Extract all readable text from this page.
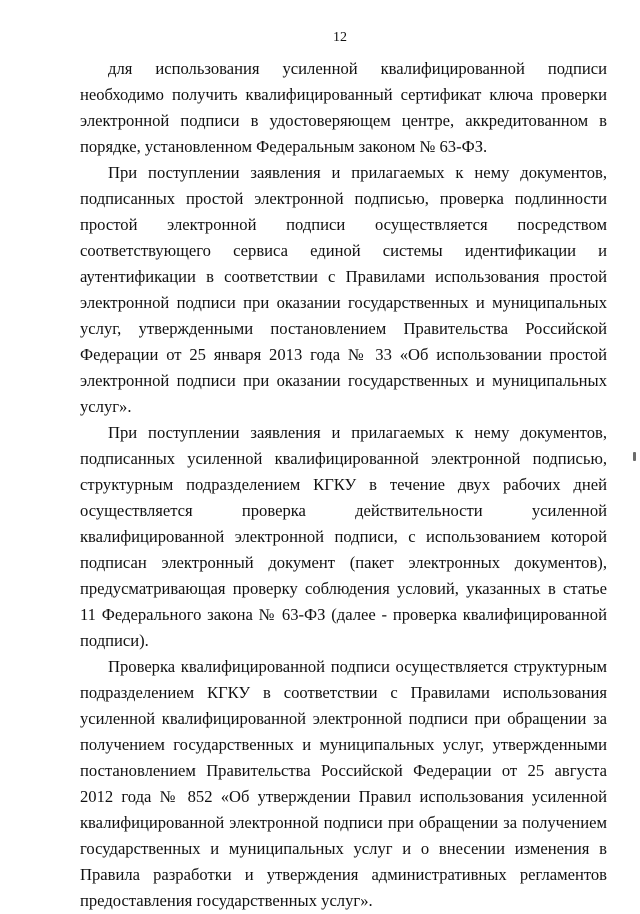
12

для использования усиленной квалифицированной подписи необходимо получить квалифицированный сертификат ключа проверки электронной подписи в удостоверяющем центре, аккредитованном в порядке, установленном Федеральным законом № 63-ФЗ.

При поступлении заявления и прилагаемых к нему документов, подписанных простой электронной подписью, проверка подлинности простой электронной подписи осуществляется посредством соответствующего сервиса единой системы идентификации и аутентификации в соответствии с Правилами использования простой электронной подписи при оказании государственных и муниципальных услуг, утвержденными постановлением Правительства Российской Федерации от 25 января 2013 года № 33 «Об использовании простой электронной подписи при оказании государственных и муниципальных услуг».

При поступлении заявления и прилагаемых к нему документов, подписанных усиленной квалифицированной электронной подписью, структурным подразделением КГКУ в течение двух рабочих дней осуществляется проверка действительности усиленной квалифицированной электронной подписи, с использованием которой подписан электронный документ (пакет электронных документов), предусматривающая проверку соблюдения условий, указанных в статье 11 Федерального закона № 63-ФЗ (далее - проверка квалифицированной подписи).

Проверка квалифицированной подписи осуществляется структурным подразделением КГКУ в соответствии с Правилами использования усиленной квалифицированной электронной подписи при обращении за получением государственных и муниципальных услуг, утвержденными постановлением Правительства Российской Федерации от 25 августа 2012 года № 852 «Об утверждении Правил использования усиленной квалифицированной электронной подписи при обращении за получением государственных и муниципальных услуг и о внесении изменения в Правила разработки и утверждения административных регламентов предоставления государственных услуг».
